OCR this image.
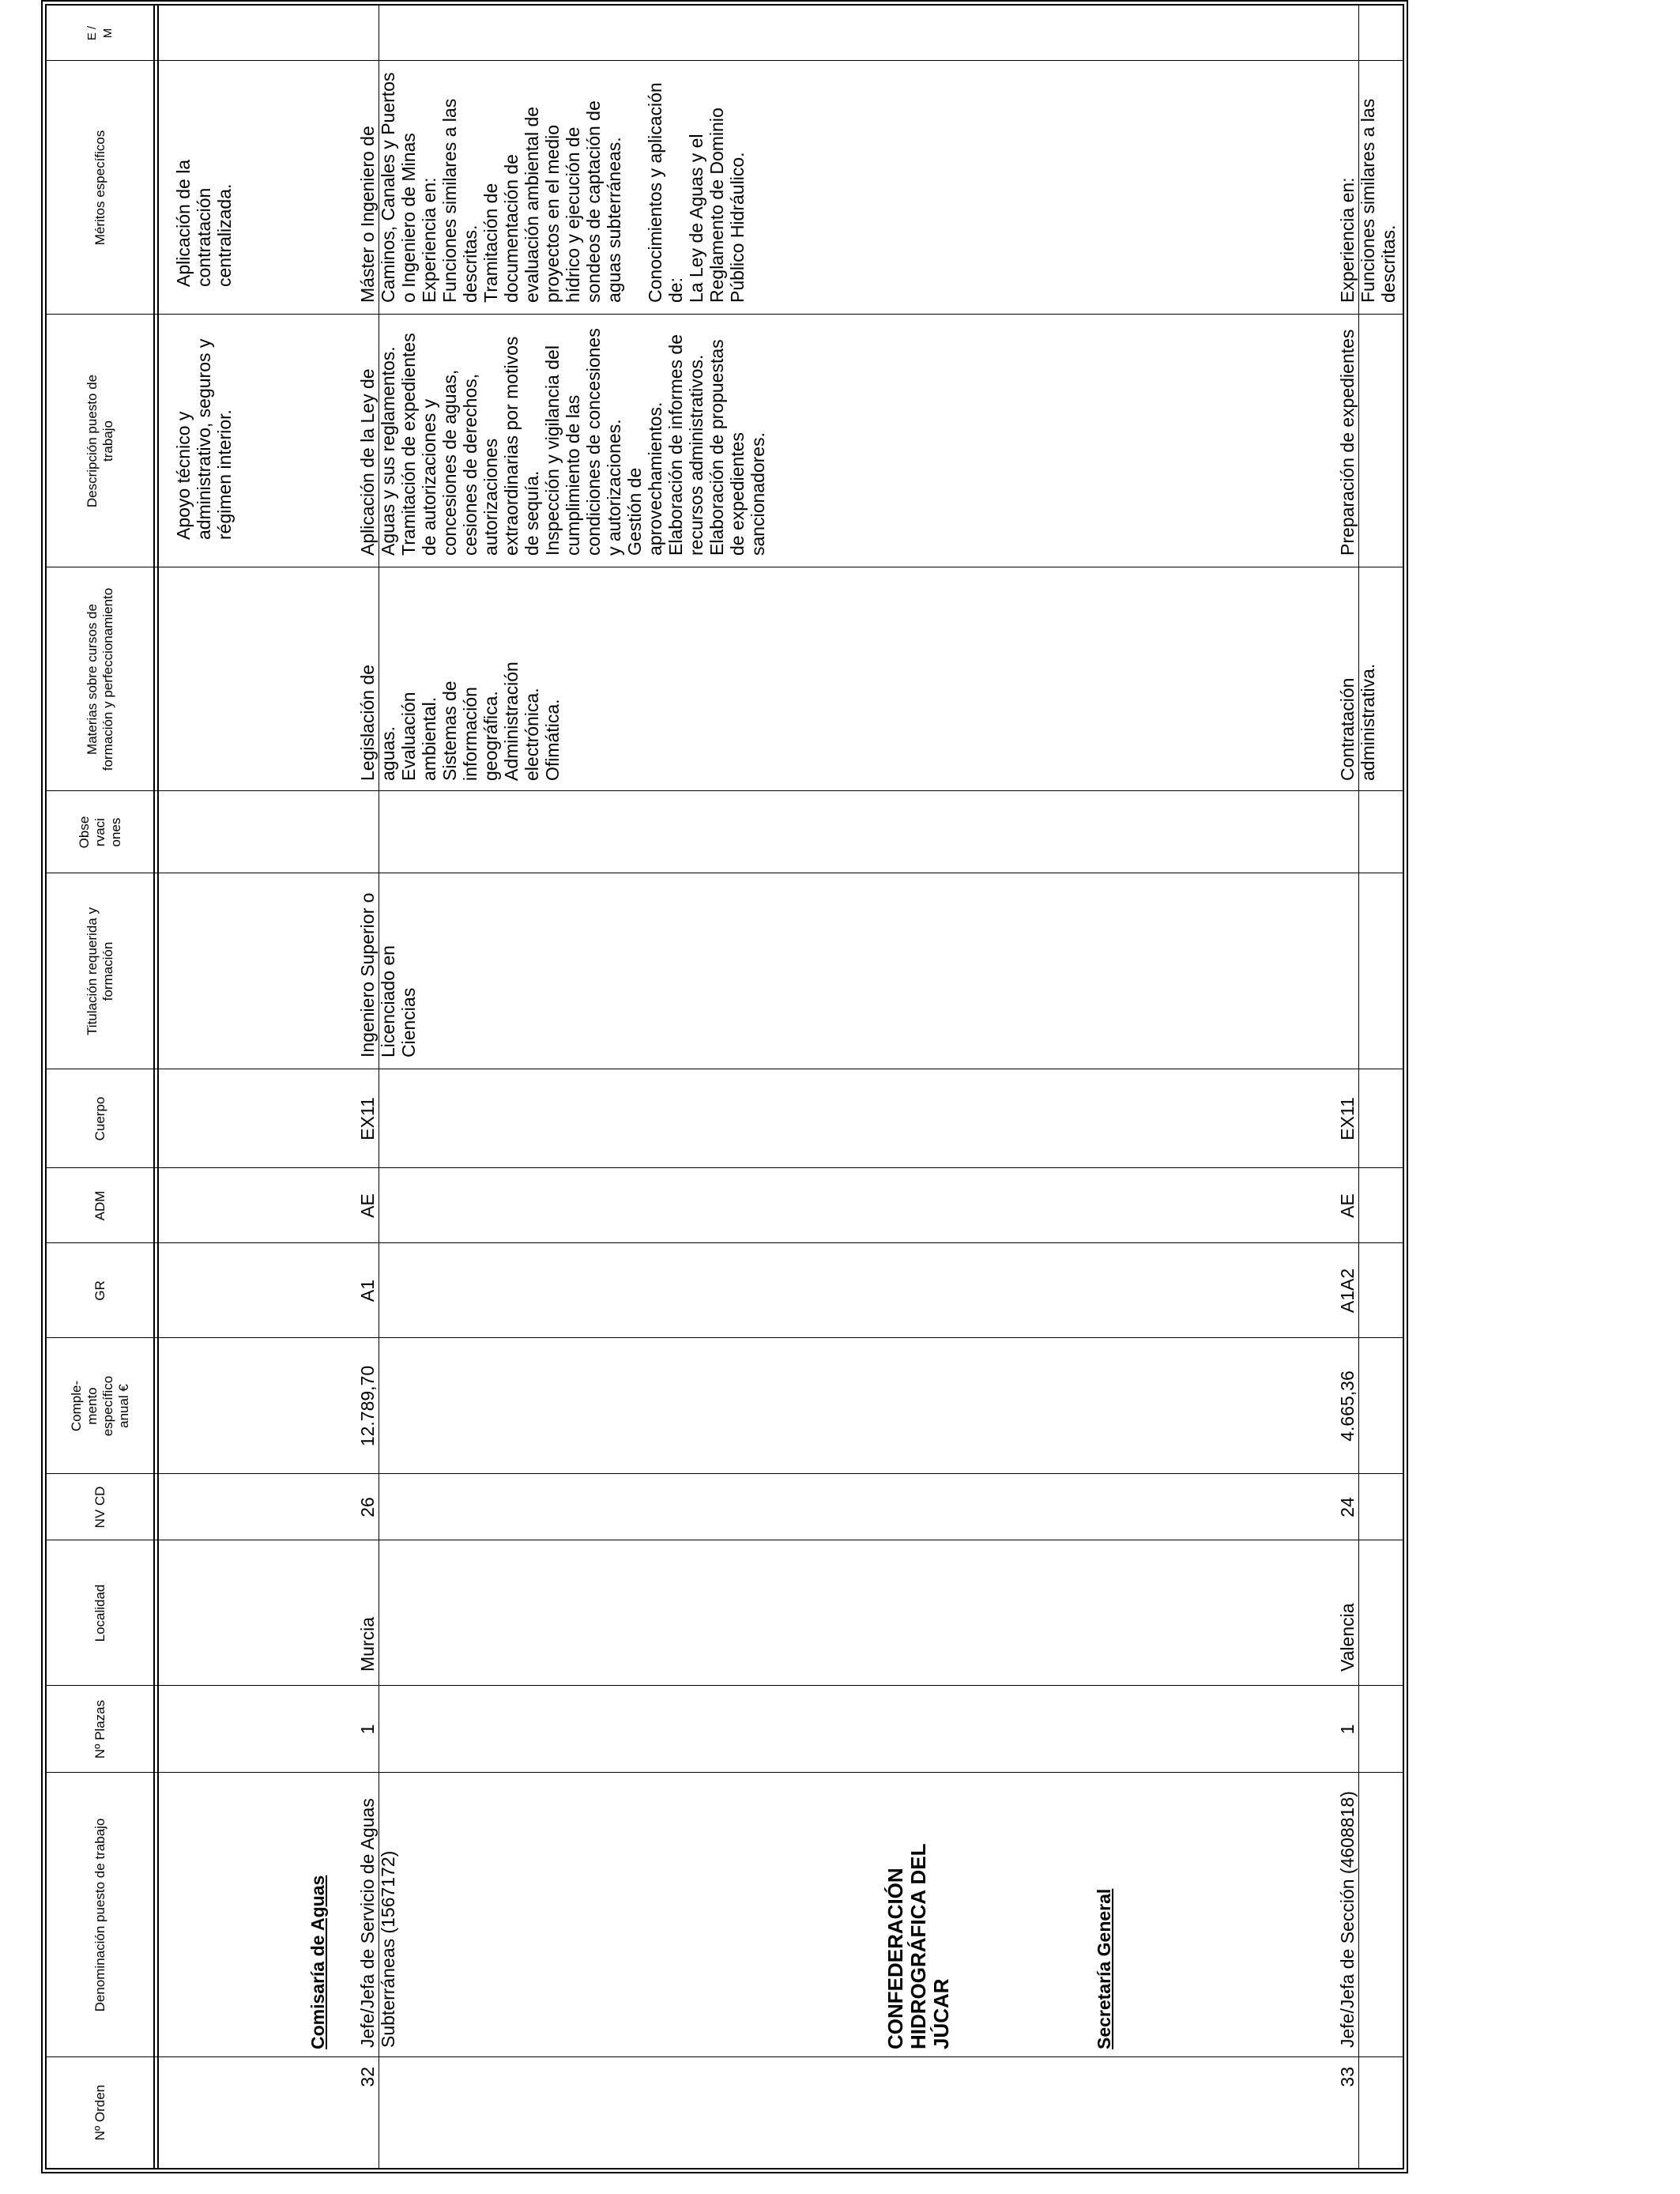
Nº Orden
Denominación puesto de trabajo
Nº Plazas
Localidad
NV CD
Comple- mento específico anual €
GR
ADM
Cuerpo
Titulación requerida y formación
Obse rvaci ones
Materias sobre cursos de formación y perfeccionamiento
Descripción puesto de trabajo
Méritos específicos
E / M

Apoyo técnico y administrativo, seguros y régimen interior.

Aplicación de la contratación centralizada.

Comisaría de Aguas
32
Jefe/Jefa de Servicio de Aguas Subterráneas (1567172)
1
Murcia
26
12.789,70
A1
AE
EX11
Ingeniero Superior o Licenciado en Ciencias

Legislación de aguas. Evaluación ambiental. Sistemas de información geográfica. Administración electrónica. Ofimática.

Aplicación de la Ley de Aguas y sus reglamentos. Tramitación de expedientes de autorizaciones y concesiones de aguas, cesiones de derechos, autorizaciones extraordinarias por motivos de sequía. Inspección y vigilancia del cumplimiento de las condiciones de concesiones y autorizaciones. Gestión de aprovechamientos. Elaboración de informes de recursos administrativos. Elaboración de propuestas de expedientes sancionadores.

Máster o Ingeniero de Caminos, Canales y Puertos o Ingeniero de Minas Experiencia en: Funciones similares a las descritas. Tramitación de documentación de evaluación ambiental de proyectos en el medio hídrico y ejecución de sondeos de captación de aguas subterráneas. Conocimientos y aplicación de: La Ley de Aguas y el Reglamento de Dominio Público Hidráulico.

CONFEDERACIÓN HIDROGRÁFICA DEL JÚCAR	Secretaría General
33
Jefe/Jefa de Sección (4608818)
1
Valencia
24
4.665,36
A1A2
AE
EX11

Contratación administrativa.

Preparación de expedientes

Experiencia en: Funciones similares a las descritas.
